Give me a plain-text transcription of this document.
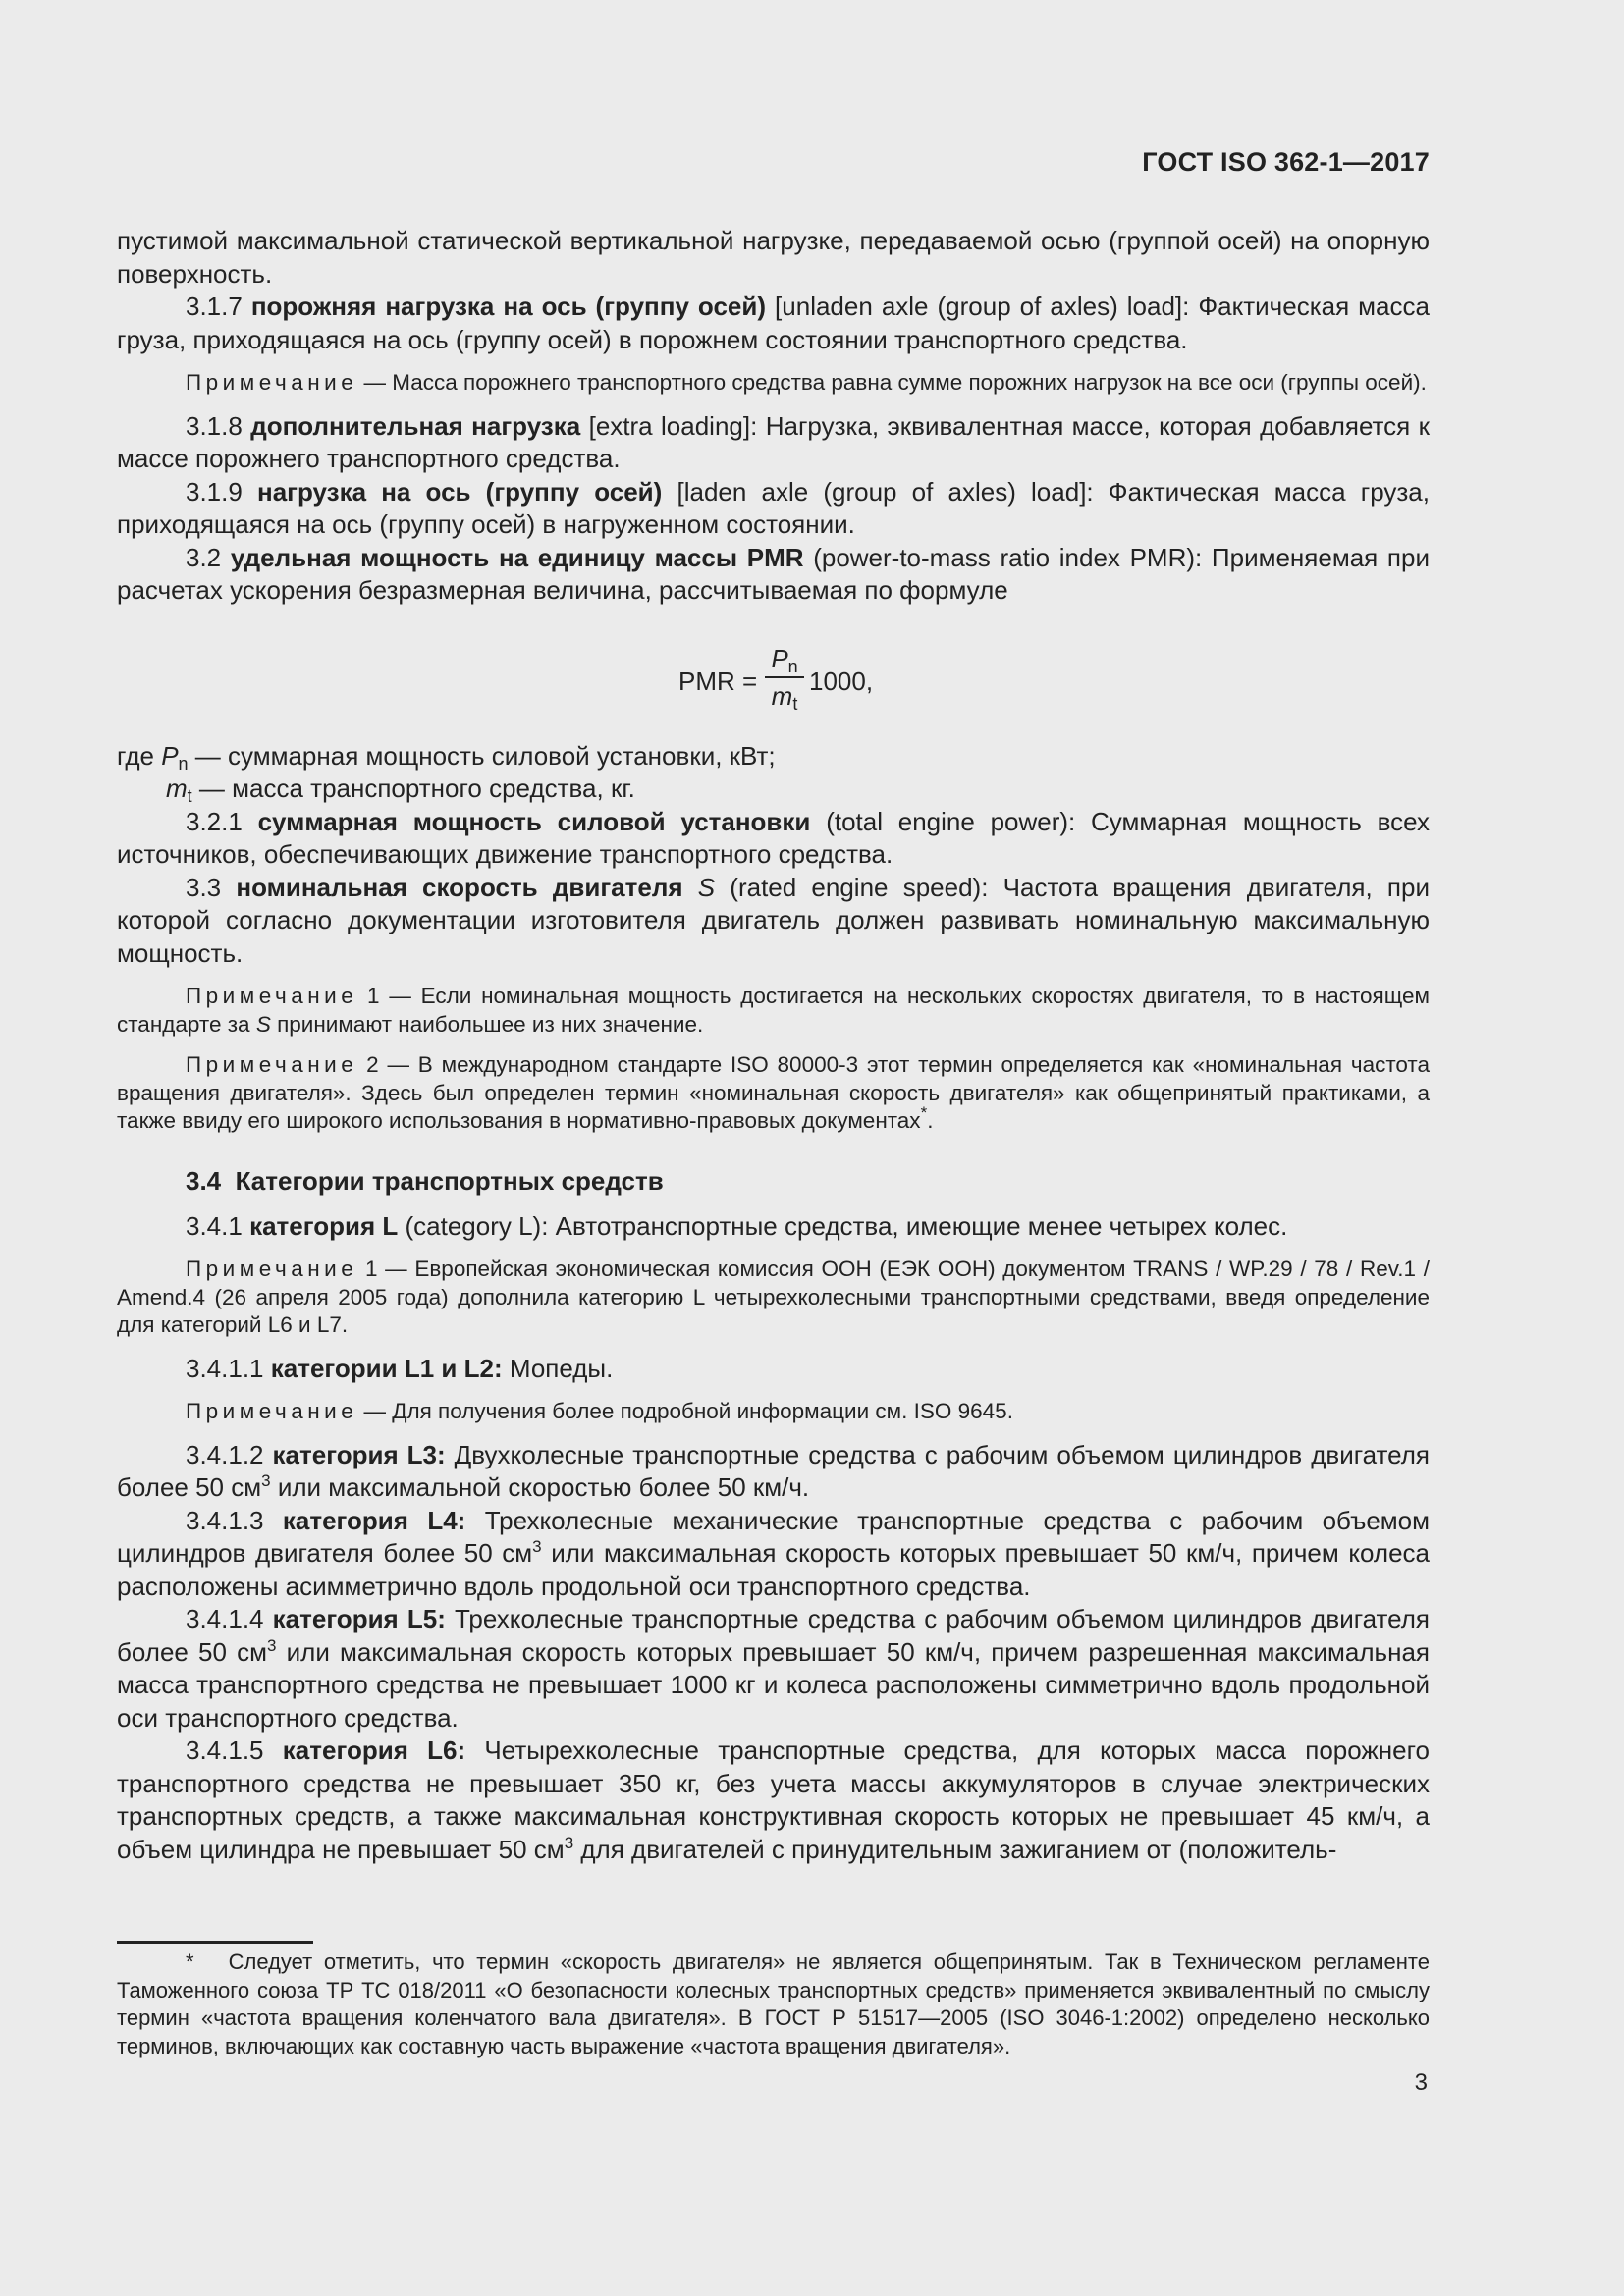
ГОСТ ISO 362-1—2017

пустимой максимальной статической вертикальной нагрузке, передаваемой осью (группой осей) на опорную поверхность.

3.1.7 порожняя нагрузка на ось (группу осей) [unladen axle (group of axles) load]: Фактическая масса груза, приходящаяся на ось (группу осей) в порожнем состоянии транспортного средства.

Примечание — Масса порожнего транспортного средства равна сумме порожних нагрузок на все оси (группы осей).

3.1.8 дополнительная нагрузка [extra loading]: Нагрузка, эквивалентная массе, которая добавляется к массе порожнего транспортного средства.

3.1.9 нагрузка на ось (группу осей) [laden axle (group of axles) load]: Фактическая масса груза, приходящаяся на ось (группу осей) в нагруженном состоянии.

3.2 удельная мощность на единицу массы PMR (power-to-mass ratio index PMR): Применяемая при расчетах ускорения безразмерная величина, рассчитываемая по формуле

PMR =
$P_n$
$m_t$
1000,

где $P_n$ — суммарная мощность силовой установки, кВт;

$m_t$ — масса транспортного средства, кг.

3.2.1 суммарная мощность силовой установки (total engine power): Суммарная мощность всех источников, обеспечивающих движение транспортного средства.

3.3 номинальная скорость двигателя S (rated engine speed): Частота вращения двигателя, при которой согласно документации изготовителя двигатель должен развивать номинальную максимальную мощность.

Примечание 1 — Если номинальная мощность достигается на нескольких скоростях двигателя, то в настоящем стандарте за S принимают наибольшее из них значение.

Примечание 2 — В международном стандарте ISO 80000-3 этот термин определяется как «номинальная частота вращения двигателя». Здесь был определен термин «номинальная скорость двигателя» как общепринятый практиками, а также ввиду его широкого использования в нормативно-правовых документах*.

3.4 Категории транспортных средств

3.4.1 категория L (category L): Автотранспортные средства, имеющие менее четырех колес.

Примечание 1 — Европейская экономическая комиссия ООН (ЕЭК ООН) документом TRANS / WP.29 / 78 / Rev.1 / Amend.4 (26 апреля 2005 года) дополнила категорию L четырехколесными транспортными средствами, введя определение для категорий L6 и L7.

3.4.1.1 категории L1 и L2: Мопеды.

Примечание — Для получения более подробной информации см. ISO 9645.

3.4.1.2 категория L3: Двухколесные транспортные средства с рабочим объемом цилиндров двигателя более 50 $см^3$ или максимальной скоростью более 50 км/ч.

3.4.1.3 категория L4: Трехколесные механические транспортные средства с рабочим объемом цилиндров двигателя более 50 $см^3$ или максимальная скорость которых превышает 50 км/ч, причем колеса расположены асимметрично вдоль продольной оси транспортного средства.

3.4.1.4 категория L5: Трехколесные транспортные средства с рабочим объемом цилиндров двигателя более 50 $см^3$ или максимальная скорость которых превышает 50 км/ч, причем разрешенная максимальная масса транспортного средства не превышает 1000 кг и колеса расположены симметрично вдоль продольной оси транспортного средства.

3.4.1.5 категория L6: Четырехколесные транспортные средства, для которых масса порожнего транспортного средства не превышает 350 кг, без учета массы аккумуляторов в случае электрических транспортных средств, а также максимальная конструктивная скорость которых не превышает 45 км/ч, а объем цилиндра не превышает 50 $см^3$ для двигателей с принудительным зажиганием от (положитель-

* Следует отметить, что термин «скорость двигателя» не является общепринятым. Так в Техническом регламенте Таможенного союза ТР ТС 018/2011 «О безопасности колесных транспортных средств» применяется эквивалентный по смыслу термин «частота вращения коленчатого вала двигателя». В ГОСТ Р 51517—2005 (ISO 3046-1:2002) определено несколько терминов, включающих как составную часть выражение «частота вращения двигателя».

3
